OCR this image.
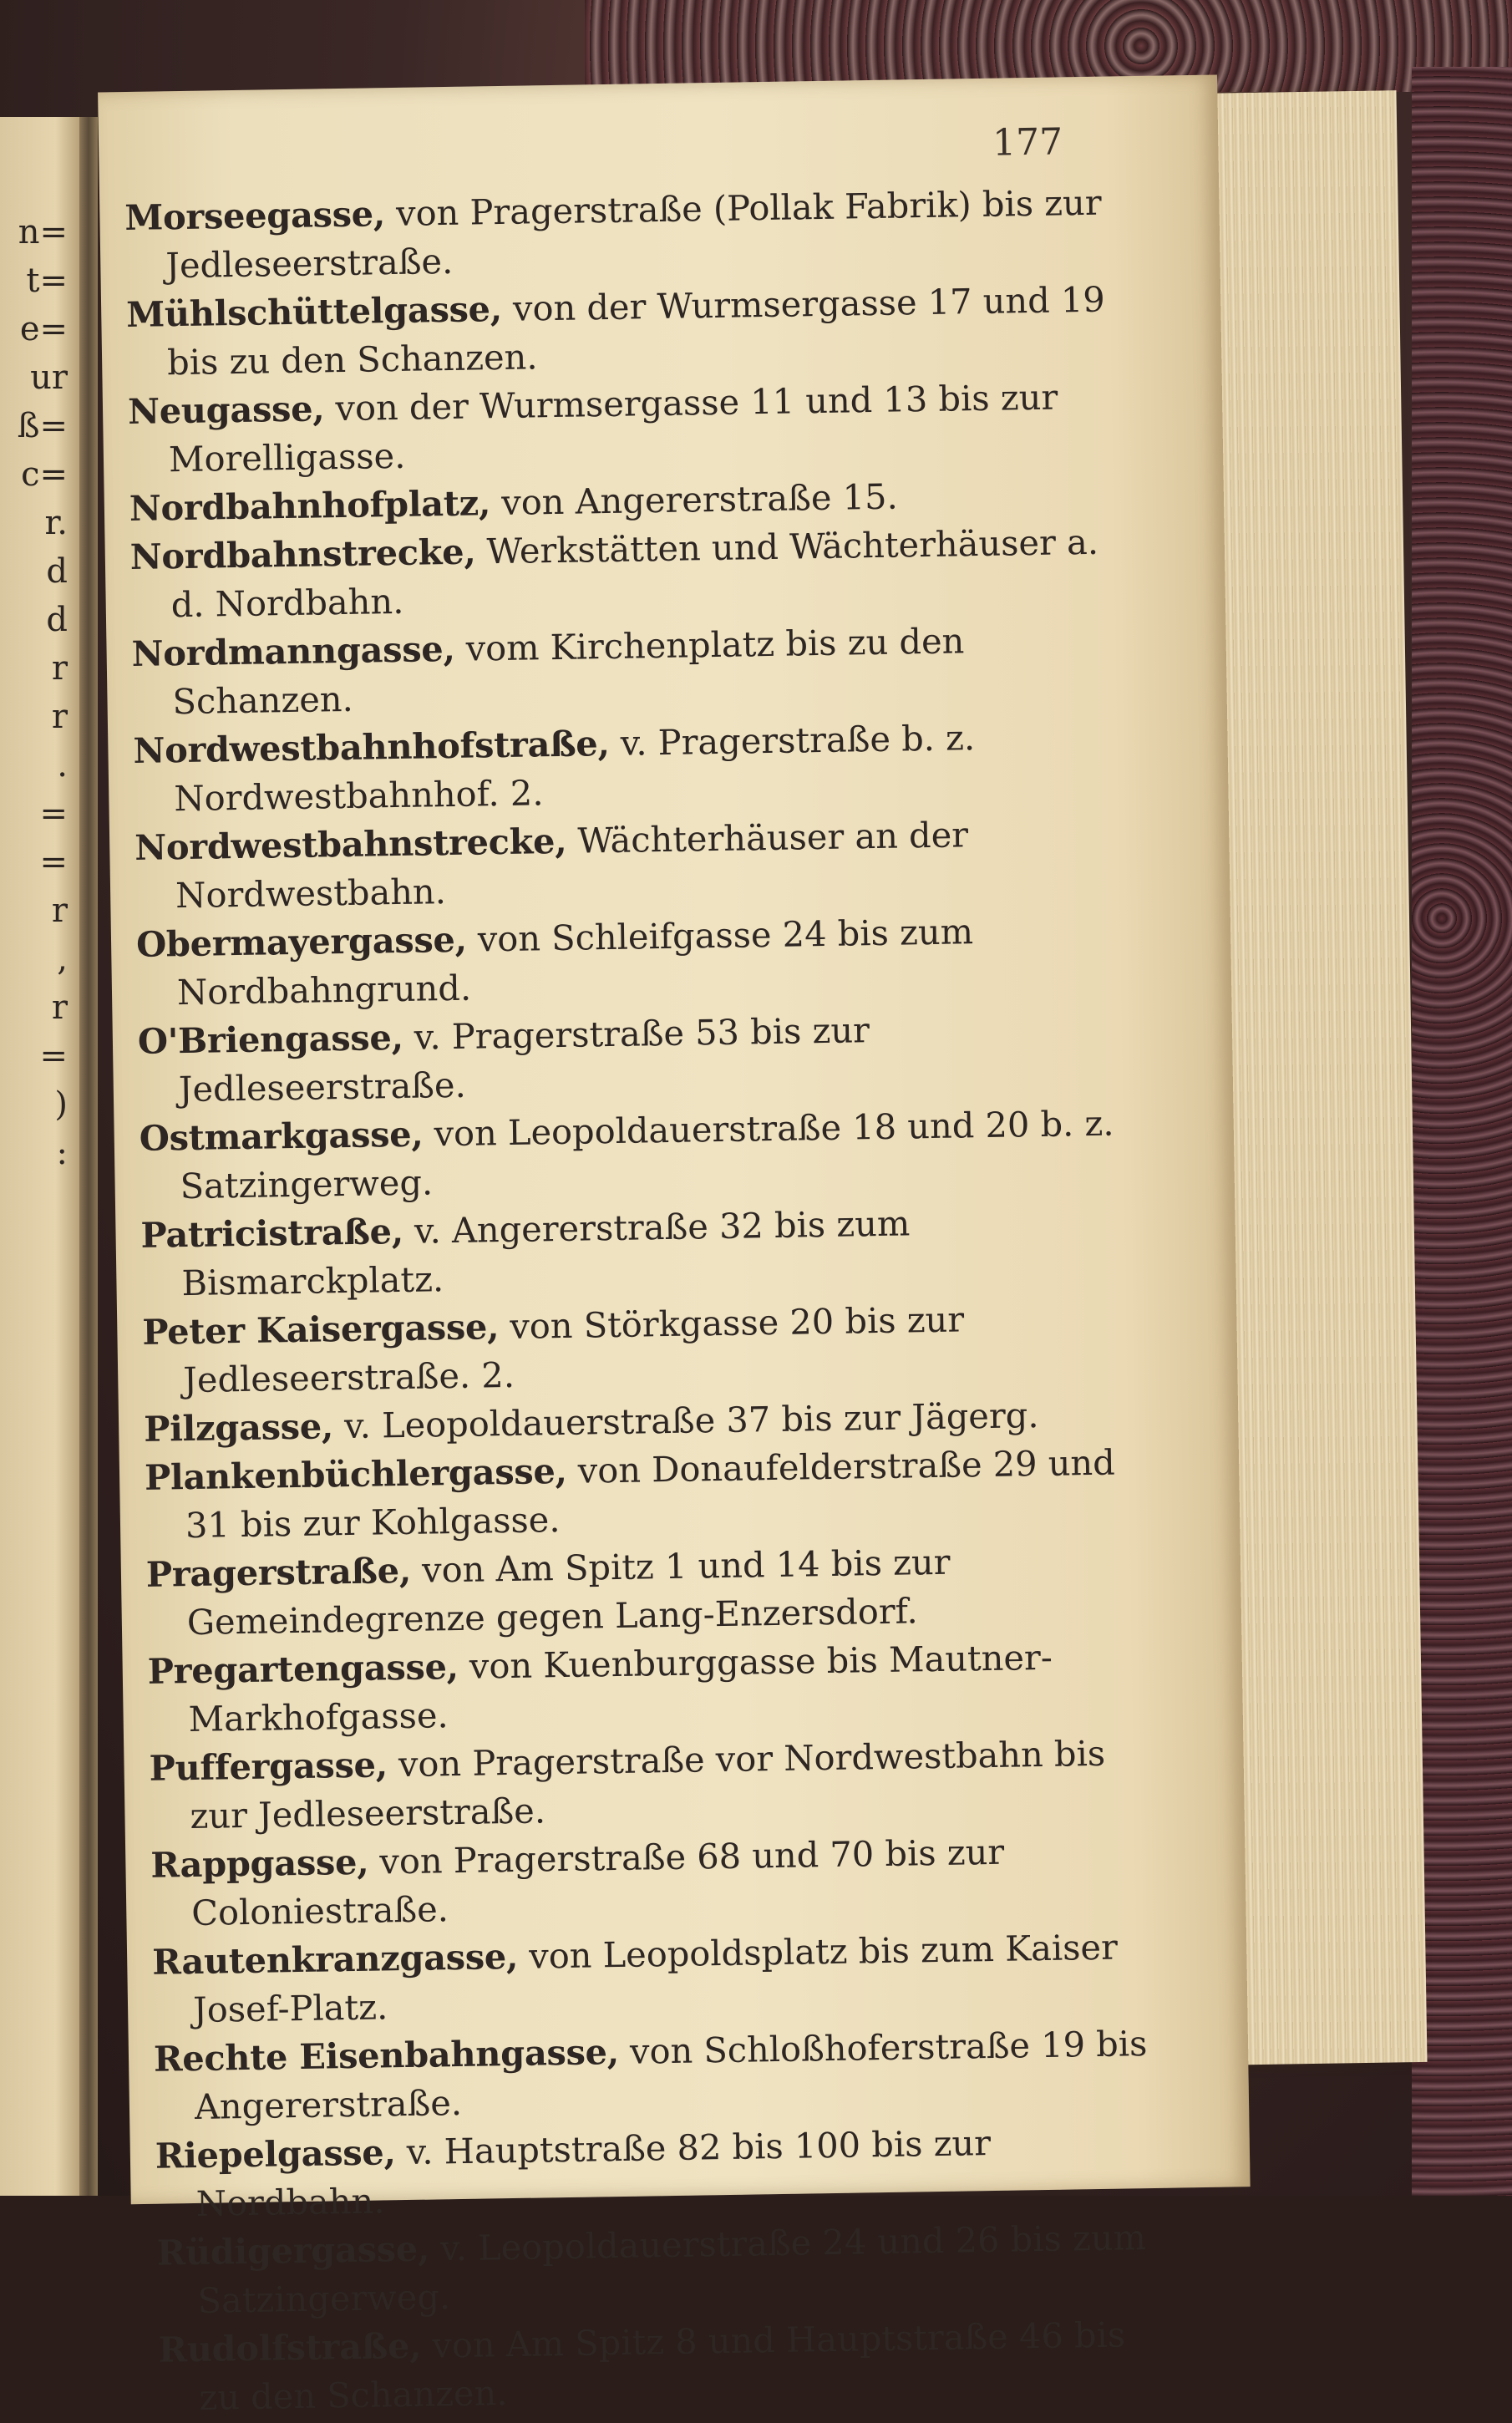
n=
t=
e=
ur
ß=
c=
r.
d
d
r
r
.
=
=
r
,
r
=
)
:
177

Morseegasse, von Pragerstraße (Pollak Fabrik) bis zur Jedleseerstraße.

Mühlschüttelgasse, von der Wurmsergasse 17 und 19 bis zu den Schanzen.

Neugasse, von der Wurmsergasse 11 und 13 bis zur Morelligasse.

Nordbahnhofplatz, von Angererstraße 15.

Nordbahnstrecke, Werkstätten und Wächterhäuser a. d. Nordbahn.

Nordmanngasse, vom Kirchenplatz bis zu den Schanzen.

Nordwestbahnhofstraße, v. Pragerstraße b. z. Nordwestbahnhof. 2.

Nordwestbahnstrecke, Wächterhäuser an der Nordwestbahn.

Obermayergasse, von Schleifgasse 24 bis zum Nordbahngrund.

O'Briengasse, v. Pragerstraße 53 bis zur Jedleseerstraße.

Ostmarkgasse, von Leopoldauerstraße 18 und 20 b. z. Satzingerweg.

Patricistraße, v. Angererstraße 32 bis zum Bismarckplatz.

Peter Kaisergasse, von Störkgasse 20 bis zur Jedleseerstraße. 2.

Pilzgasse, v. Leopoldauerstraße 37 bis zur Jägerg.

Plankenbüchlergasse, von Donaufelderstraße 29 und 31 bis zur Kohlgasse.

Pragerstraße, von Am Spitz 1 und 14 bis zur Gemeindegrenze gegen Lang-Enzersdorf.

Pregartengasse, von Kuenburggasse bis Mautner-Markhofgasse.

Puffergasse, von Pragerstraße vor Nordwestbahn bis zur Jedleseerstraße.

Rappgasse, von Pragerstraße 68 und 70 bis zur Coloniestraße.

Rautenkranzgasse, von Leopoldsplatz bis zum Kaiser Josef-Platz.

Rechte Eisenbahngasse, von Schloßhoferstraße 19 bis Angererstraße.

Riepelgasse, v. Hauptstraße 82 bis 100 bis zur Nordbahn.

Rüdigergasse, v. Leopoldauerstraße 24 und 26 bis zum Satzingerweg.

Rudolfstraße, von Am Spitz 8 und Hauptstraße 46 bis zu den Schanzen.
